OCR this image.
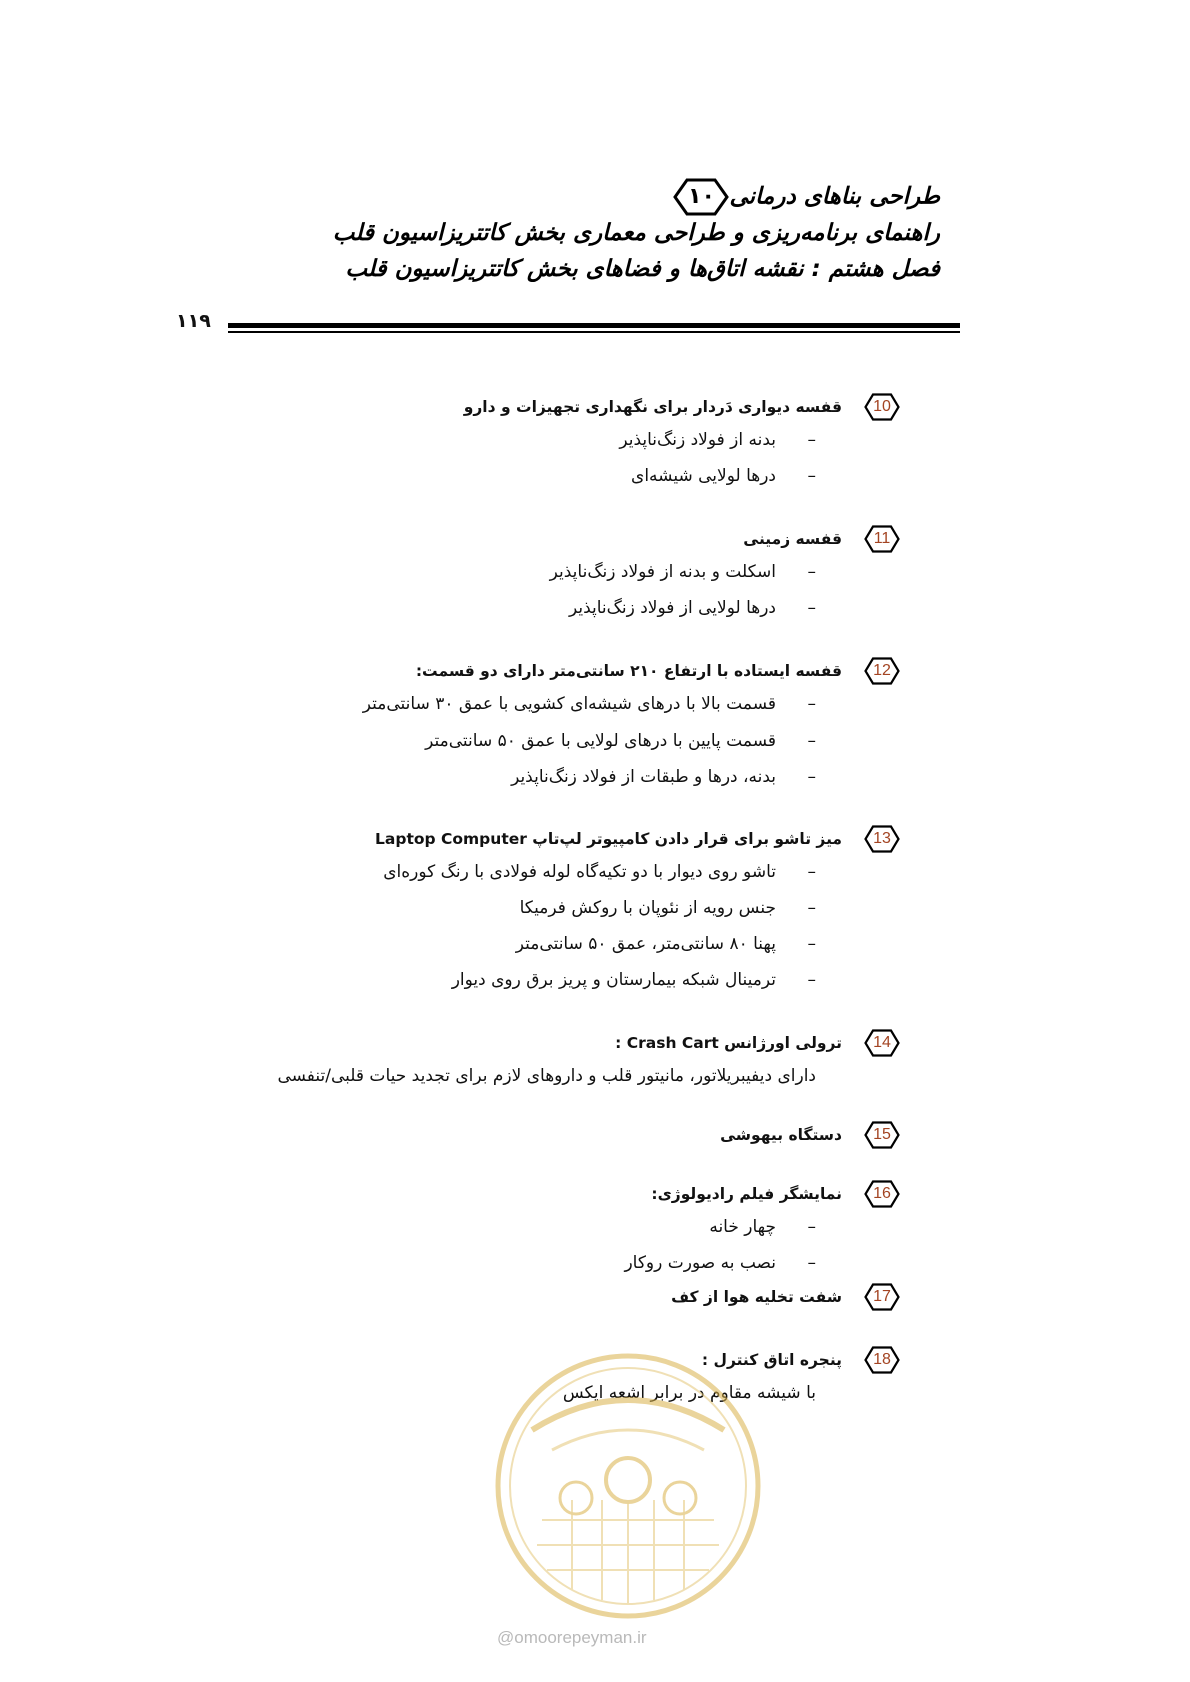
طراحی بناهای درمانی
۱۰
راهنمای برنامه‌ریزی و طراحی معماری بخش کاتتریزاسیون قلب
فصل هشتم : نقشه اتاق‌ها و فضاهای بخش کاتتریزاسیون قلب
۱۱۹
10
قفسه دیواری دَردار برای نگهداری تجهیزات و دارو
–بدنه از فولاد زنگ‌ناپذیر
–درها لولایی شیشه‌ای
11
قفسه زمینی
–اسکلت و بدنه از فولاد زنگ‌ناپذیر
–درها لولایی از فولاد زنگ‌ناپذیر
12
قفسه ایستاده با ارتفاع ۲۱۰ سانتی‌متر دارای دو قسمت:
–قسمت بالا با درهای شیشه‌ای کشویی با عمق ۳۰ سانتی‌متر
–قسمت پایین با درهای لولایی با عمق ۵۰ سانتی‌متر
–بدنه، درها و طبقات از فولاد زنگ‌ناپذیر
13
میز تاشو برای قرار دادن کامپیوتر لپ‌تاپ Laptop Computer
–تاشو روی دیوار با دو تکیه‌گاه لوله فولادی با رنگ کوره‌ای
–جنس رویه از نئوپان با روکش فرمیکا
–پهنا ۸۰ سانتی‌متر، عمق ۵۰ سانتی‌متر
–ترمینال شبکه بیمارستان و پریز برق روی دیوار
14
ترولی اورژانس Crash Cart :
دارای دیفیبریلاتور، مانیتور قلب و داروهای لازم برای تجدید حیات قلبی/تنفسی
15
دستگاه بیهوشی
16
نمایشگر فیلم رادیولوژی:
–چهار خانه
–نصب به صورت روکار
17
شفت تخلیه هوا از کف
18
پنجره اتاق کنترل :
با شیشه مقاوم در برابر اشعه ایکس
@omoorepeyman.ir
